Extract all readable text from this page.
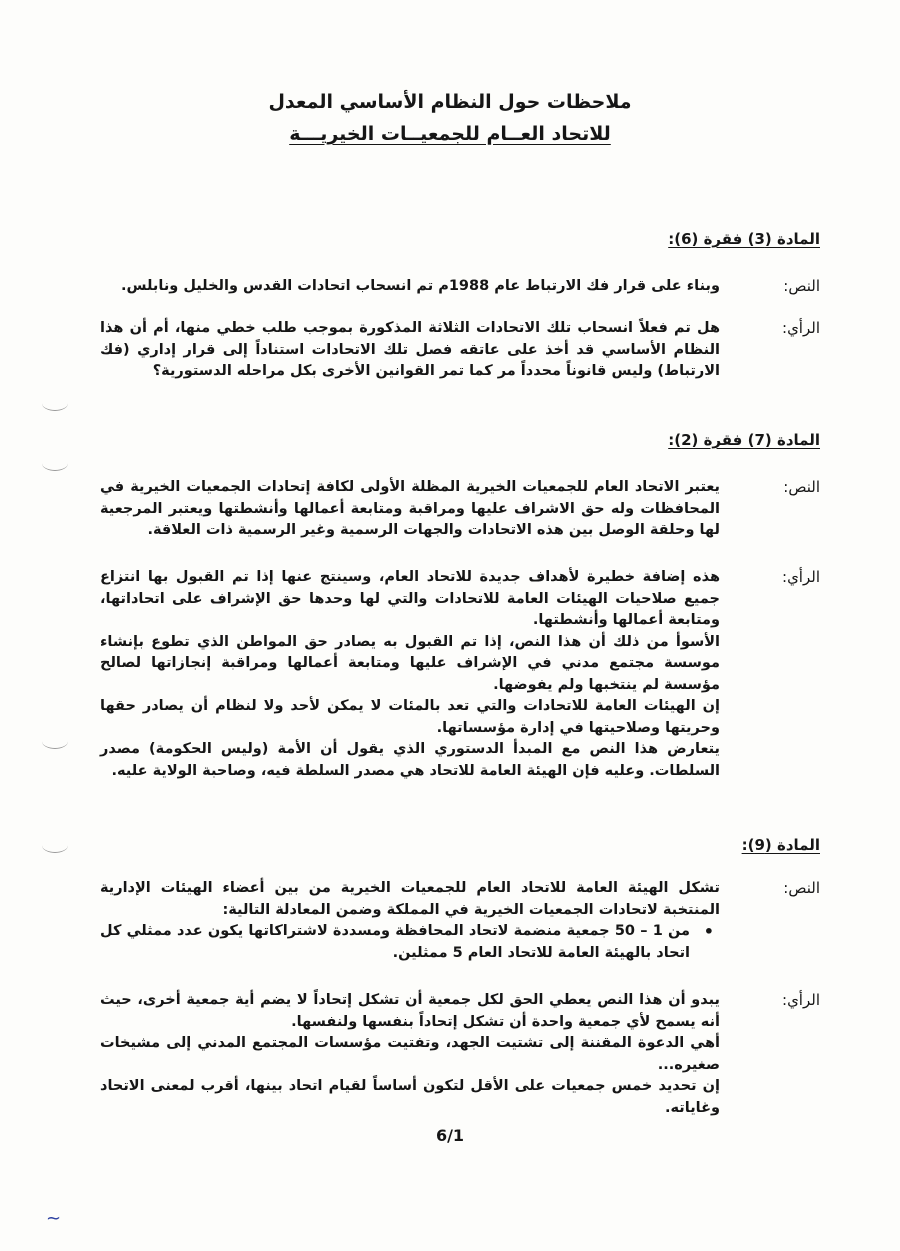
ملاحظات حول النظام الأساسي المعدل
للاتحاد العــام للجمعيــات الخيريـــة
المادة (3) فقرة (6):
النص:

وبناء على قرار فك الارتباط عام 1988م تم انسحاب اتحادات القدس والخليل ونابلس.

الرأي:

هل تم فعلاً انسحاب تلك الاتحادات الثلاثة المذكورة بموجب طلب خطي منها، أم أن هذا النظام الأساسي قد أخذ على عاتقه فصل تلك الاتحادات استناداً إلى قرار إداري (فك الارتباط) وليس قانوناً محدداً مر كما تمر القوانين الأخرى بكل مراحله الدستورية؟

المادة (7) فقرة (2):
النص:

يعتبر الاتحاد العام للجمعيات الخيرية المظلة الأولى لكافة إتحادات الجمعيات الخيرية في المحافظات وله حق الاشراف عليها ومراقبة ومتابعة أعمالها وأنشطتها ويعتبر المرجعية لها وحلقة الوصل بين هذه الاتحادات والجهات الرسمية وغير الرسمية ذات العلاقة.

الرأي:

هذه إضافة خطيرة لأهداف جديدة للاتحاد العام، وسينتج عنها إذا تم القبول بها انتزاع جميع صلاحيات الهيئات العامة للاتحادات والتي لها وحدها حق الإشراف على اتحاداتها، ومتابعة أعمالها وأنشطتها.

الأسوأ من ذلك أن هذا النص، إذا تم القبول به يصادر حق المواطن الذي تطوع بإنشاء موسسة مجتمع مدني في الإشراف عليها ومتابعة أعمالها ومراقبة إنجازاتها لصالح مؤسسة لم ينتخبها ولم يفوضها.

إن الهيئات العامة للاتحادات والتي تعد بالمئات لا يمكن لأحد ولا لنظام أن يصادر حقها وحريتها وصلاحيتها في إدارة مؤسساتها.

يتعارض هذا النص مع المبدأ الدستوري الذي يقول أن الأمة (وليس الحكومة) مصدر السلطات. وعليه فإن الهيئة العامة للاتحاد هي مصدر السلطة فيه، وصاحبة الولاية عليه.

المادة (9):
النص:

تشكل الهيئة العامة للاتحاد العام للجمعيات الخيرية من بين أعضاء الهيئات الإدارية المنتخبة لاتحادات الجمعيات الخيرية في المملكة وضمن المعادلة التالية:

• من 1 – 50 جمعية منضمة لاتحاد المحافظة ومسددة لاشتراكاتها يكون عدد ممثلي كل اتحاد بالهيئة العامة للاتحاد العام 5 ممثلين.

الرأي:

يبدو أن هذا النص يعطي الحق لكل جمعية أن تشكل إتحاداً لا يضم أية جمعية أخرى، حيث أنه يسمح لأي جمعية واحدة أن تشكل إتحاداً بنفسها ولنفسها.

أهي الدعوة المقننة إلى تشتيت الجهد، وتفتيت مؤسسات المجتمع المدني إلى مشيخات صغيره...

إن تحديد خمس جمعيات على الأقل لتكون أساساً لقيام اتحاد بينها، أقرب لمعنى الاتحاد وغاياته.

6/1
~
